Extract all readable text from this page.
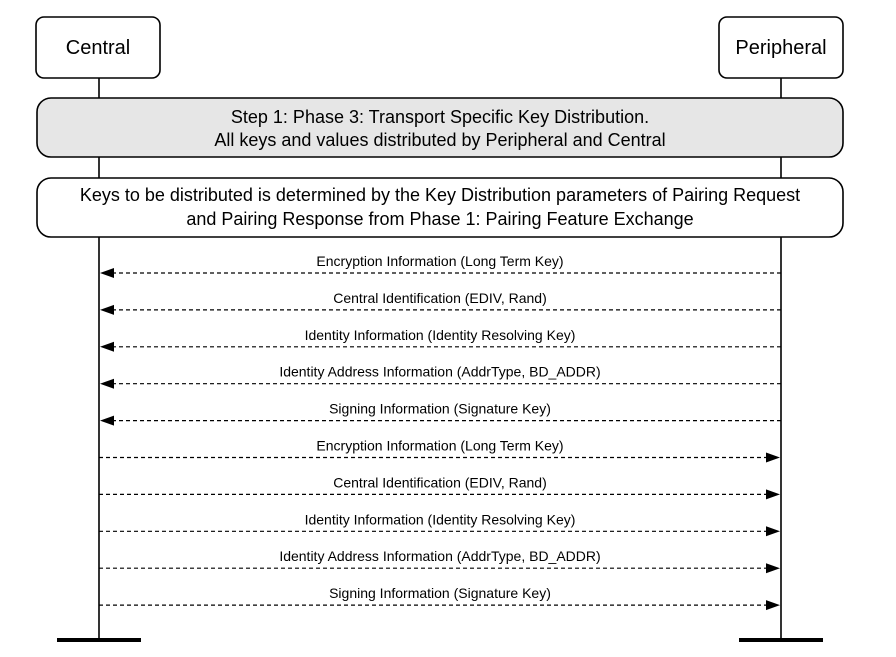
Central	Peripheral
Step 1: Phase 3: Transport Specific Key Distribution.
All keys and values distributed by Peripheral and Central
Keys to be distributed is determined by the Key Distribution parameters of Pairing Request
and Pairing Response from Phase 1: Pairing Feature Exchange
Encryption Information (Long Term Key)
Central Identification (EDIV, Rand)
Identity Information (Identity Resolving Key)
Identity Address Information (AddrType, BD_ADDR)
Signing Information (Signature Key)
Encryption Information (Long Term Key)
Central Identification (EDIV, Rand)
Identity Information (Identity Resolving Key)
Identity Address Information (AddrType, BD_ADDR)
Signing Information (Signature Key)
